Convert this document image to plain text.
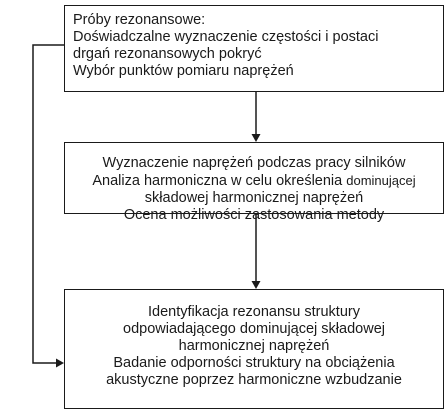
Próby rezonansowe:
Doświadczalne wyznaczenie częstości i postaci
drgań rezonansowych pokryć
Wybór punktów pomiaru naprężeń
Wyznaczenie naprężeń podczas pracy silników
Analiza harmoniczna w celu określenia dominującej
składowej harmonicznej naprężeń
Ocena możliwości zastosowania metody
Identyfikacja rezonansu struktury
odpowiadającego dominującej składowej
harmonicznej naprężeń
Badanie odporności struktury na obciążenia
akustyczne poprzez harmoniczne wzbudzanie
